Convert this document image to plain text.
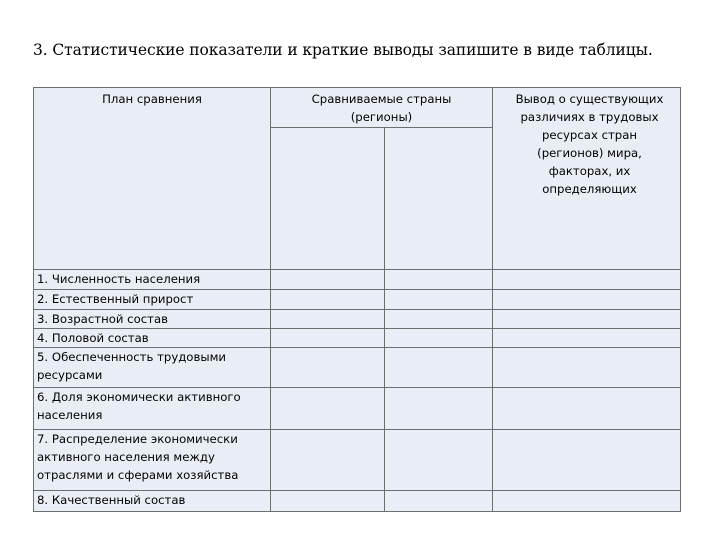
3. Статистические показатели и краткие выводы запишите в виде таблицы.
План сравнения	Сравниваемые страны (регионы)		Вывод о существующих различиях в трудовых ресурсах стран (регионов) мира, факторах, их определяющих

1. Численность населения			
2. Естественный прирост			
3. Возрастной состав			
4. Половой состав			
5. Обеспеченность трудовыми ресурсами			
6. Доля экономически активного населения			
7. Распределение экономически активного населения между отраслями и сферами хозяйства			
8. Качественный состав			
